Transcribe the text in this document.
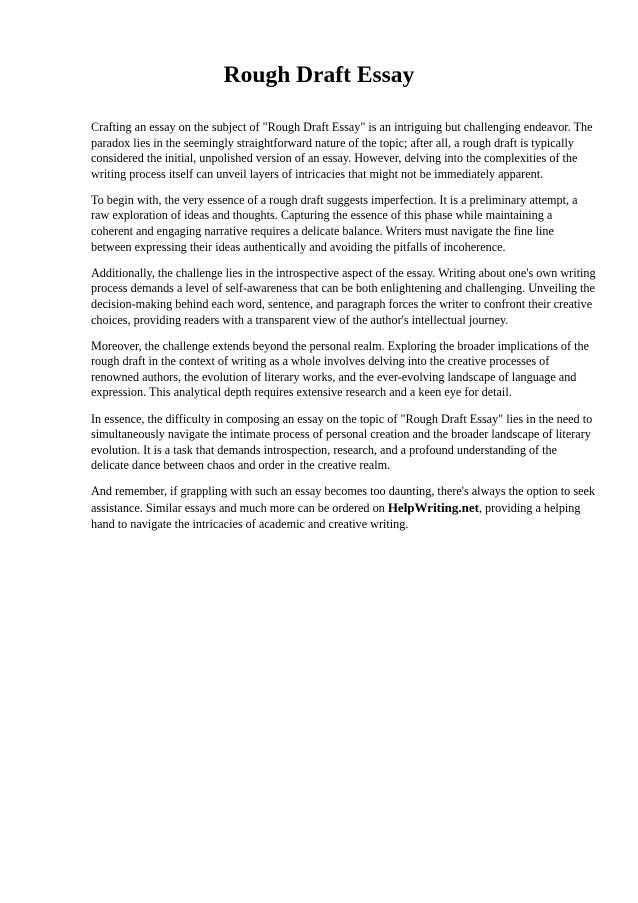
Rough Draft Essay

Crafting an essay on the subject of "Rough Draft Essay" is an intriguing but challenging endeavor. The paradox lies in the seemingly straightforward nature of the topic; after all, a rough draft is typically considered the initial, unpolished version of an essay. However, delving into the complexities of the writing process itself can unveil layers of intricacies that might not be immediately apparent.

To begin with, the very essence of a rough draft suggests imperfection. It is a preliminary attempt, a raw exploration of ideas and thoughts. Capturing the essence of this phase while maintaining a coherent and engaging narrative requires a delicate balance. Writers must navigate the fine line between expressing their ideas authentically and avoiding the pitfalls of incoherence.

Additionally, the challenge lies in the introspective aspect of the essay. Writing about one's own writing process demands a level of self-awareness that can be both enlightening and challenging. Unveiling the decision-making behind each word, sentence, and paragraph forces the writer to confront their creative choices, providing readers with a transparent view of the author's intellectual journey.

Moreover, the challenge extends beyond the personal realm. Exploring the broader implications of the rough draft in the context of writing as a whole involves delving into the creative processes of renowned authors, the evolution of literary works, and the ever-evolving landscape of language and expression. This analytical depth requires extensive research and a keen eye for detail.

In essence, the difficulty in composing an essay on the topic of "Rough Draft Essay" lies in the need to simultaneously navigate the intimate process of personal creation and the broader landscape of literary evolution. It is a task that demands introspection, research, and a profound understanding of the delicate dance between chaos and order in the creative realm.

And remember, if grappling with such an essay becomes too daunting, there's always the option to seek assistance. Similar essays and much more can be ordered on HelpWriting.net, providing a helping hand to navigate the intricacies of academic and creative writing.
